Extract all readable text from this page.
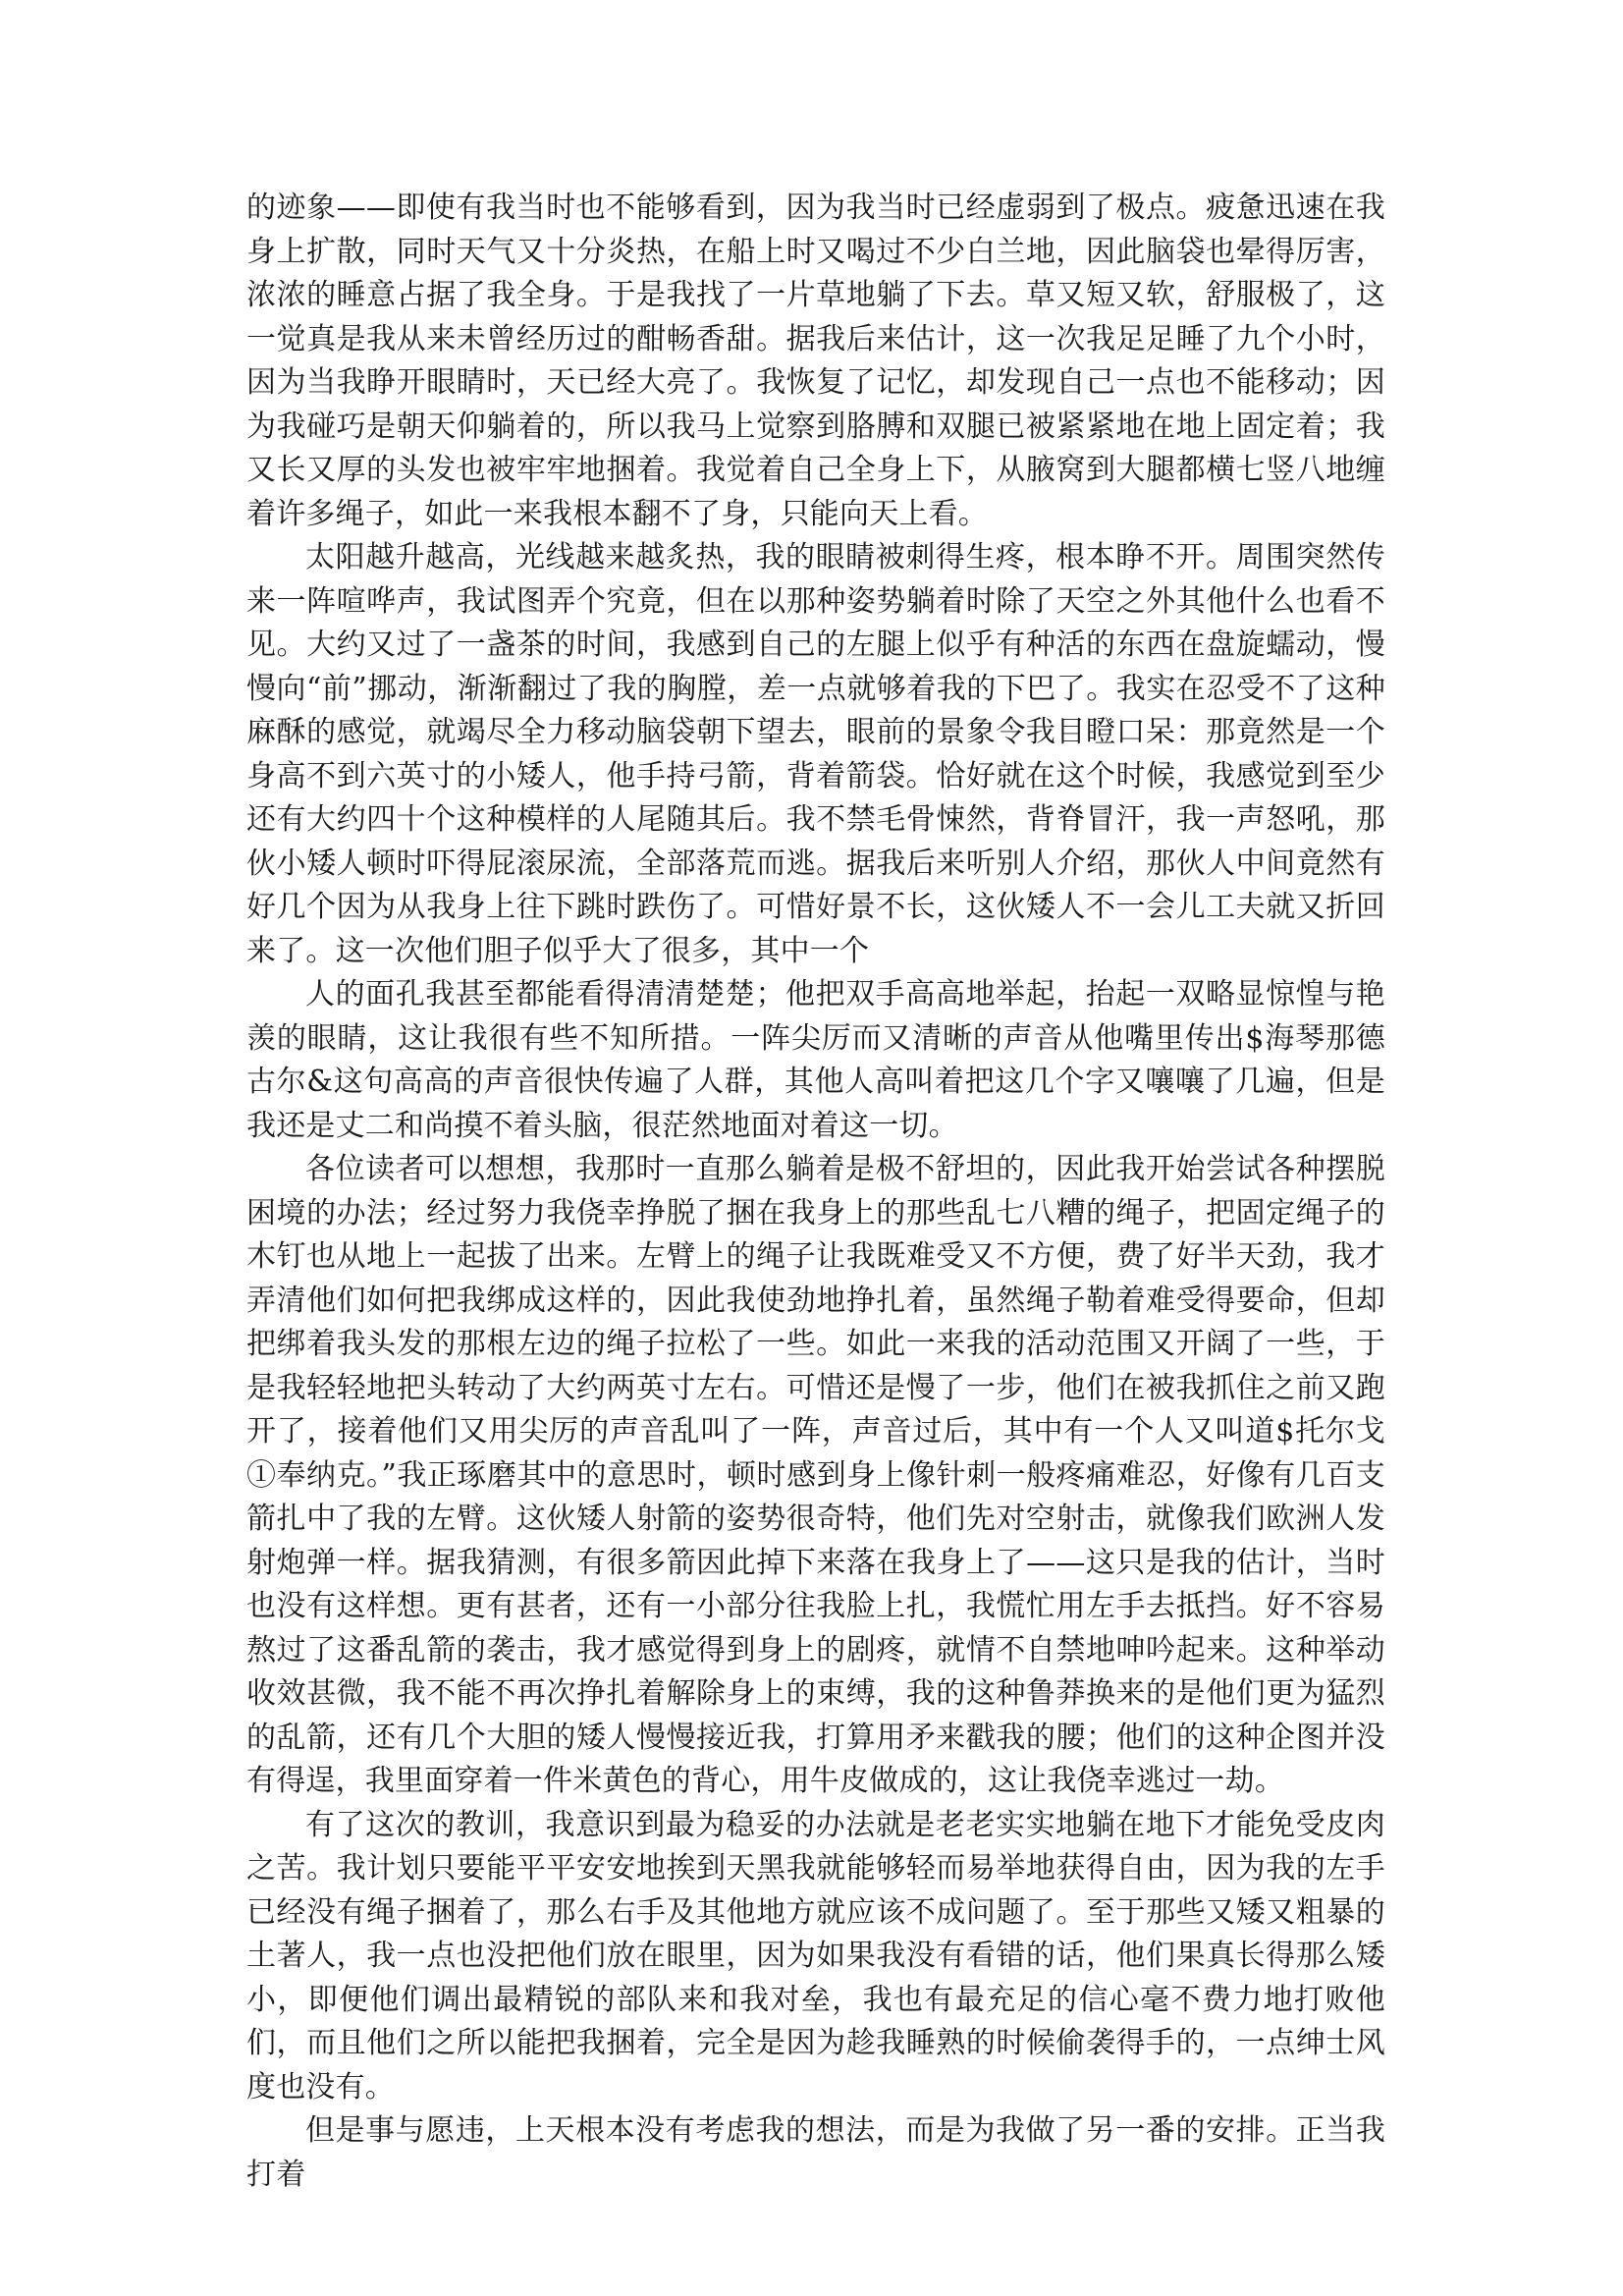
的迹象——即使有我当时也不能够看到，因为我当时已经虚弱到了极点。疲惫迅速在我身上扩散，同时天气又十分炎热，在船上时又喝过不少白兰地，因此脑袋也晕得厉害，浓浓的睡意占据了我全身。于是我找了一片草地躺了下去。草又短又软，舒服极了，这一觉真是我从来未曾经历过的酣畅香甜。据我后来估计，这一次我足足睡了九个小时，因为当我睁开眼睛时，天已经大亮了。我恢复了记忆，却发现自己一点也不能移动；因为我碰巧是朝天仰躺着的，所以我马上觉察到胳膊和双腿已被紧紧地在地上固定着；我又长又厚的头发也被牢牢地捆着。我觉着自己全身上下，从腋窝到大腿都横七竖八地缠着许多绳子，如此一来我根本翻不了身，只能向天上看。

太阳越升越高，光线越来越炙热，我的眼睛被刺得生疼，根本睁不开。周围突然传来一阵喧哗声，我试图弄个究竟，但在以那种姿势躺着时除了天空之外其他什么也看不见。大约又过了一盏茶的时间，我感到自己的左腿上似乎有种活的东西在盘旋蠕动，慢慢向“前”挪动，渐渐翻过了我的胸膛，差一点就够着我的下巴了。我实在忍受不了这种麻酥的感觉，就竭尽全力移动脑袋朝下望去，眼前的景象令我目瞪口呆：那竟然是一个身高不到六英寸的小矮人，他手持弓箭，背着箭袋。恰好就在这个时候，我感觉到至少还有大约四十个这种模样的人尾随其后。我不禁毛骨悚然，背脊冒汗，我一声怒吼，那伙小矮人顿时吓得屁滚尿流，全部落荒而逃。据我后来听别人介绍，那伙人中间竟然有好几个因为从我身上往下跳时跌伤了。可惜好景不长，这伙矮人不一会儿工夫就又折回来了。这一次他们胆子似乎大了很多，其中一个

人的面孔我甚至都能看得清清楚楚；他把双手高高地举起，抬起一双略显惊惶与艳羡的眼睛，这让我很有些不知所措。一阵尖厉而又清晰的声音从他嘴里传出$海琴那德古尔&这句高高的声音很快传遍了人群，其他人高叫着把这几个字又嚷嚷了几遍，但是我还是丈二和尚摸不着头脑，很茫然地面对着这一切。

各位读者可以想想，我那时一直那么躺着是极不舒坦的，因此我开始尝试各种摆脱困境的办法；经过努力我侥幸挣脱了捆在我身上的那些乱七八糟的绳子，把固定绳子的木钉也从地上一起拔了出来。左臂上的绳子让我既难受又不方便，费了好半天劲，我才弄清他们如何把我绑成这样的，因此我使劲地挣扎着，虽然绳子勒着难受得要命，但却把绑着我头发的那根左边的绳子拉松了一些。如此一来我的活动范围又开阔了一些，于是我轻轻地把头转动了大约两英寸左右。可惜还是慢了一步，他们在被我抓住之前又跑开了，接着他们又用尖厉的声音乱叫了一阵，声音过后，其中有一个人又叫道$托尔戈①奉纳克。”我正琢磨其中的意思时，顿时感到身上像针刺一般疼痛难忍，好像有几百支箭扎中了我的左臂。这伙矮人射箭的姿势很奇特，他们先对空射击，就像我们欧洲人发射炮弹一样。据我猜测，有很多箭因此掉下来落在我身上了——这只是我的估计，当时也没有这样想。更有甚者，还有一小部分往我脸上扎，我慌忙用左手去抵挡。好不容易熬过了这番乱箭的袭击，我才感觉得到身上的剧疼，就情不自禁地呻吟起来。这种举动收效甚微，我不能不再次挣扎着解除身上的束缚，我的这种鲁莽换来的是他们更为猛烈的乱箭，还有几个大胆的矮人慢慢接近我，打算用矛来戳我的腰；他们的这种企图并没有得逞，我里面穿着一件米黄色的背心，用牛皮做成的，这让我侥幸逃过一劫。

有了这次的教训，我意识到最为稳妥的办法就是老老实实地躺在地下才能免受皮肉之苦。我计划只要能平平安安地挨到天黑我就能够轻而易举地获得自由，因为我的左手已经没有绳子捆着了，那么右手及其他地方就应该不成问题了。至于那些又矮又粗暴的土著人，我一点也没把他们放在眼里，因为如果我没有看错的话，他们果真长得那么矮小，即便他们调出最精锐的部队来和我对垒，我也有最充足的信心毫不费力地打败他们，而且他们之所以能把我捆着，完全是因为趁我睡熟的时候偷袭得手的，一点绅士风度也没有。

但是事与愿违，上天根本没有考虑我的想法，而是为我做了另一番的安排。正当我打着
